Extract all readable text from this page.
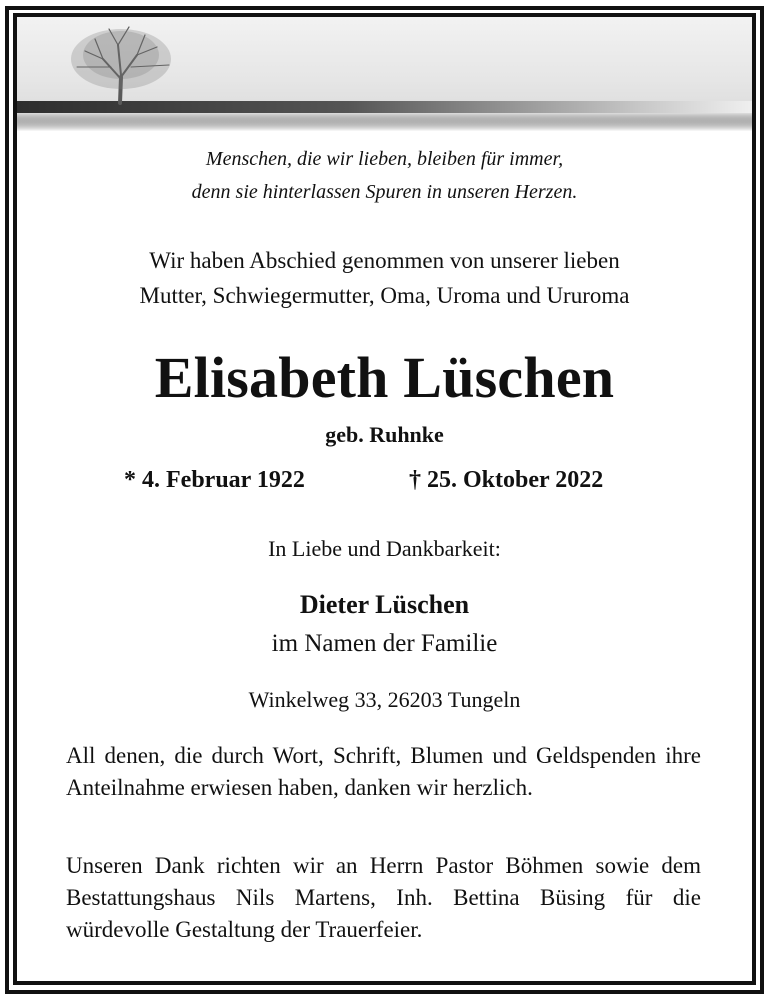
Menschen, die wir lieben, bleiben für immer,
denn sie hinterlassen Spuren in unseren Herzen.
Wir haben Abschied genommen von unserer lieben
Mutter, Schwiegermutter, Oma, Uroma und Ururoma
Elisabeth Lüschen
geb. Ruhnke
* 4. Februar 1922	† 25. Oktober 2022
In Liebe und Dankbarkeit:
Dieter Lüschen
im Namen der Familie
Winkelweg 33, 26203 Tungeln
All denen, die durch Wort, Schrift, Blumen und Geldspenden ihre Anteilnahme erwiesen haben, danken wir herzlich.
Unseren Dank richten wir an Herrn Pastor Böhmen sowie dem Bestattungshaus Nils Martens, Inh. Bettina Büsing für die würdevolle Gestaltung der Trauerfeier.
